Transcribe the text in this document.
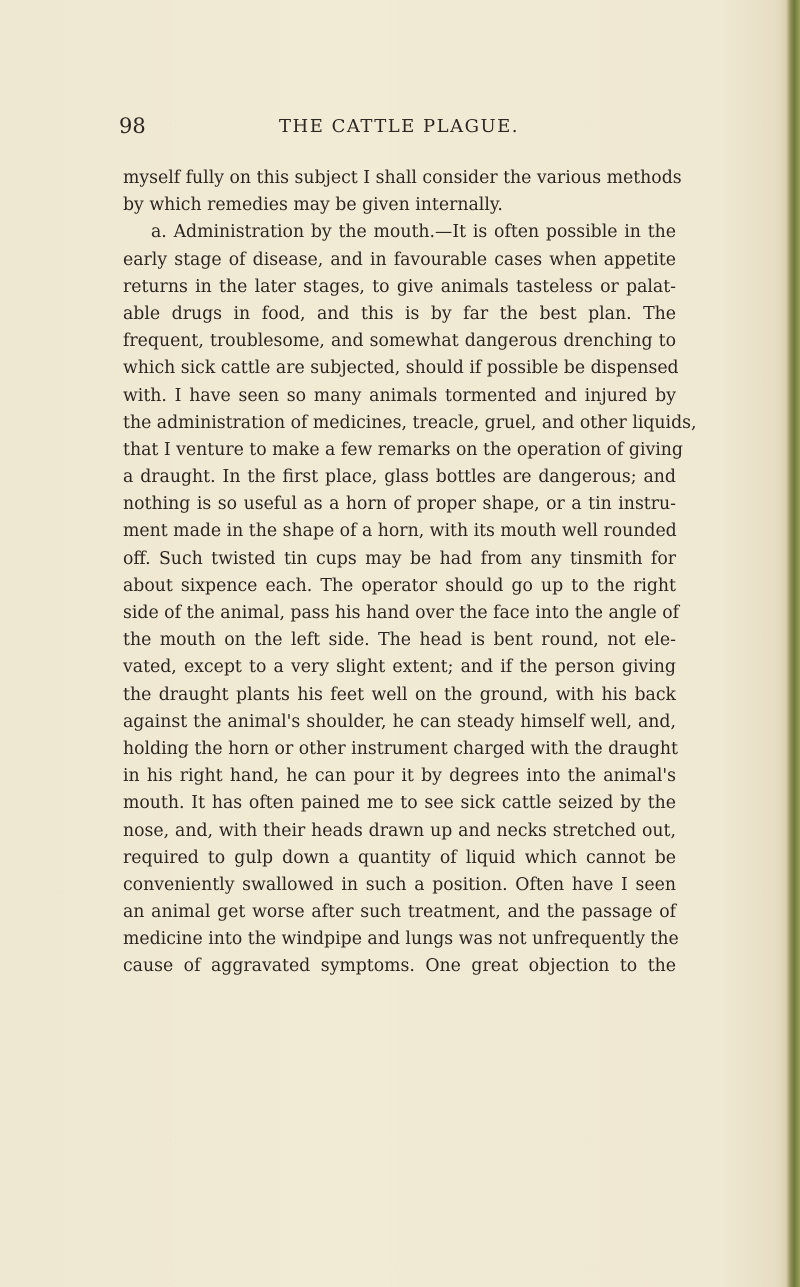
98	THE CATTLE PLAGUE.
myself fully on this subject I shall consider the various methods
by which remedies may be given internally.
a. Administration by the mouth.—It is often possible in the
early stage of disease, and in favourable cases when appetite
returns in the later stages, to give animals tasteless or palat-
able drugs in food, and this is by far the best plan. The
frequent, troublesome, and somewhat dangerous drenching to
which sick cattle are subjected, should if possible be dispensed
with. I have seen so many animals tormented and injured by
the administration of medicines, treacle, gruel, and other liquids,
that I venture to make a few remarks on the operation of giving
a draught. In the first place, glass bottles are dangerous; and
nothing is so useful as a horn of proper shape, or a tin instru-
ment made in the shape of a horn, with its mouth well rounded
off. Such twisted tin cups may be had from any tinsmith for
about sixpence each. The operator should go up to the right
side of the animal, pass his hand over the face into the angle of
the mouth on the left side. The head is bent round, not ele-
vated, except to a very slight extent; and if the person giving
the draught plants his feet well on the ground, with his back
against the animal's shoulder, he can steady himself well, and,
holding the horn or other instrument charged with the draught
in his right hand, he can pour it by degrees into the animal's
mouth. It has often pained me to see sick cattle seized by the
nose, and, with their heads drawn up and necks stretched out,
required to gulp down a quantity of liquid which cannot be
conveniently swallowed in such a position. Often have I seen
an animal get worse after such treatment, and the passage of
medicine into the windpipe and lungs was not unfrequently the
cause of aggravated symptoms. One great objection to the
